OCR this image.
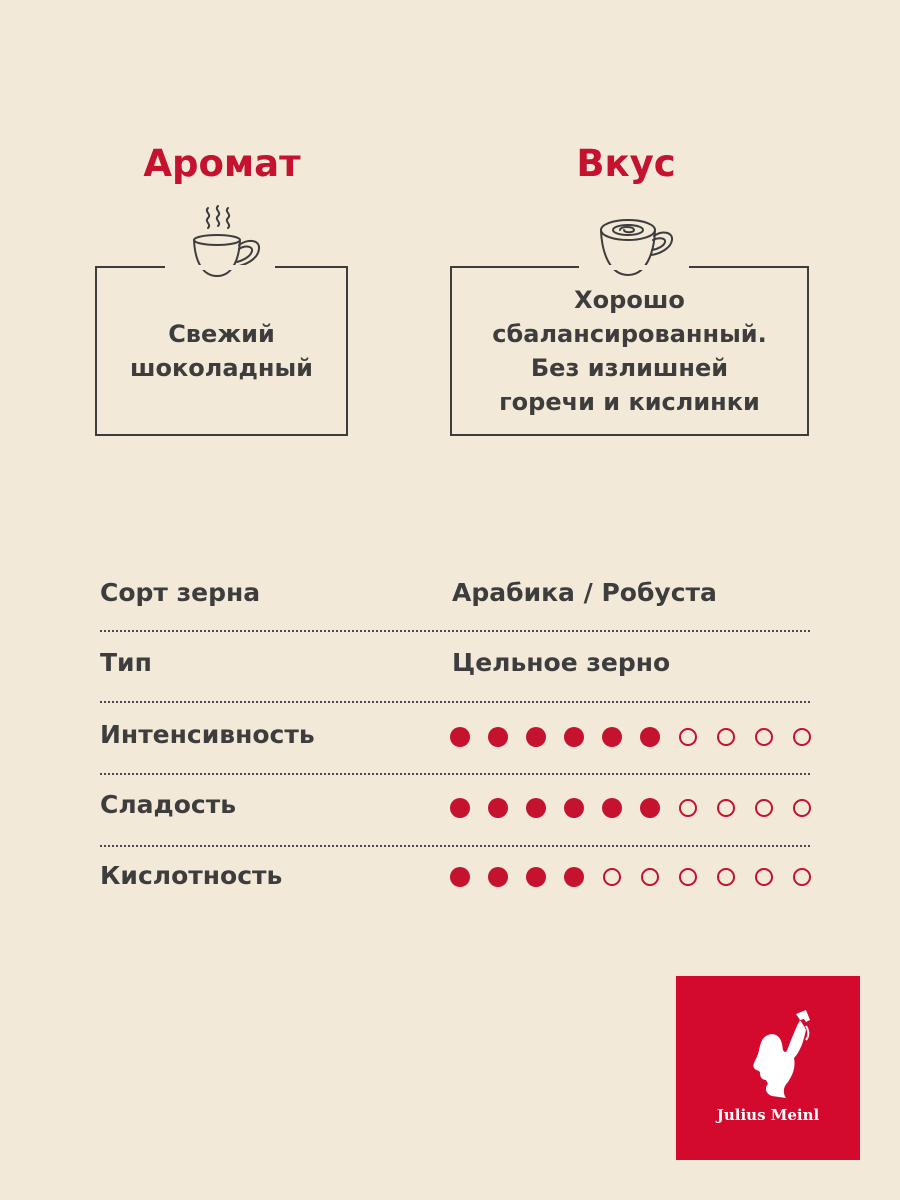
Аромат	Вкус
Свежий
шоколадный
Хорошо
сбалансированный.
Без излишней
горечи и кислинки
Сорт зерна	Арабика / Робуста
Тип	Цельное зерно
Интенсивность
Сладость
Кислотность
Julius Meinl
